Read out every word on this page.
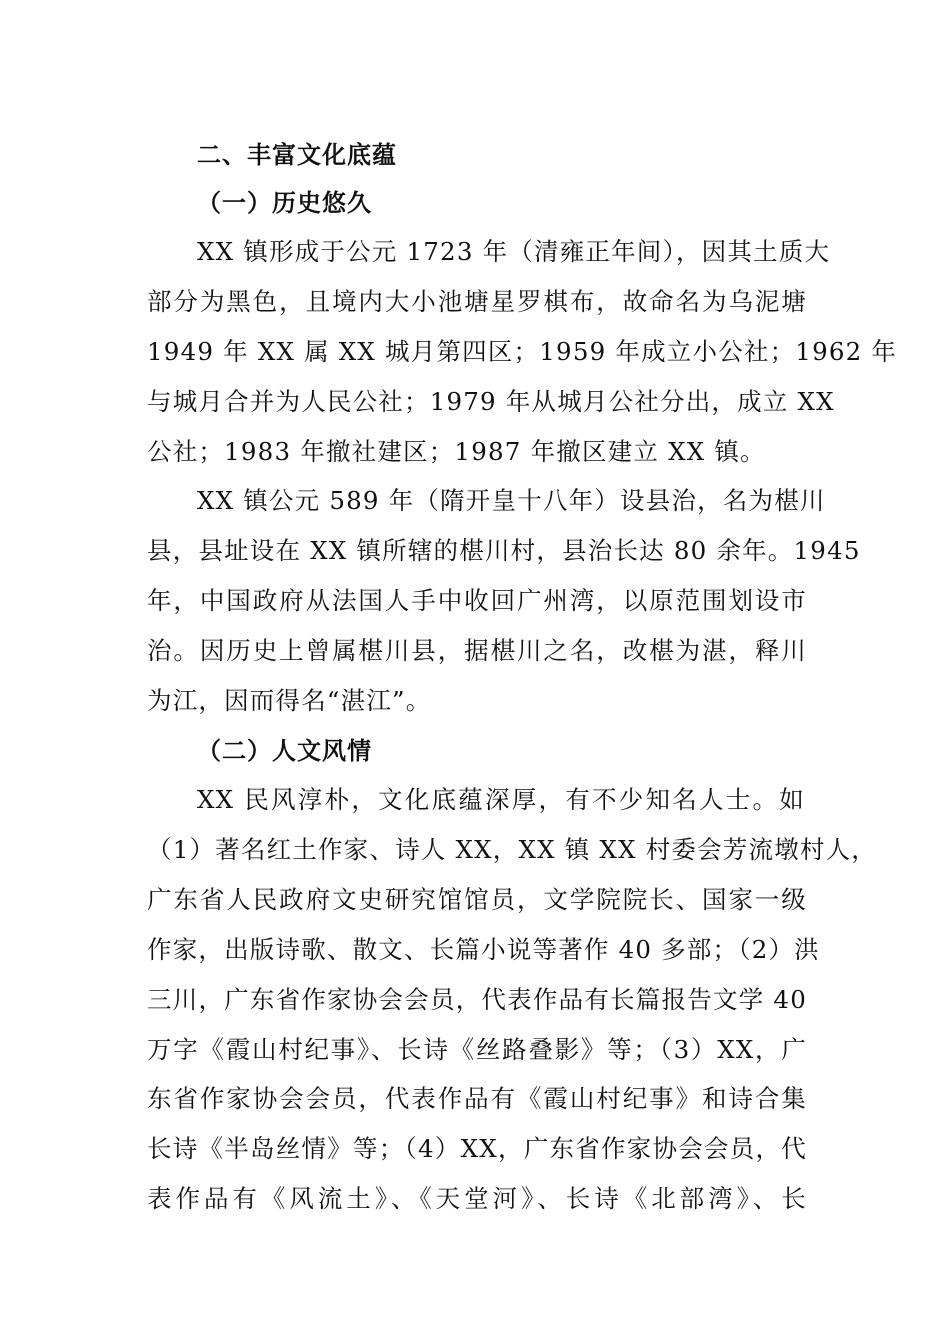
二、丰富文化底蕴
（一）历史悠久
XX 镇形成于公元 1723 年（清雍正年间），因其土质大
部分为黑色，且境内大小池塘星罗棋布，故命名为乌泥塘
1949 年 XX 属 XX 城月第四区；1959 年成立小公社；1962 年
与城月合并为人民公社；1979 年从城月公社分出，成立 XX
公社；1983 年撤社建区；1987 年撤区建立 XX 镇。
XX 镇公元 589 年（隋开皇十八年）设县治，名为椹川
县，县址设在 XX 镇所辖的椹川村，县治长达 80 余年。1945
年，中国政府从法国人手中收回广州湾，以原范围划设市
治。因历史上曾属椹川县，据椹川之名，改椹为湛，释川
为江，因而得名“湛江”。
（二）人文风情
XX 民风淳朴，文化底蕴深厚，有不少知名人士。如
（1）著名红土作家、诗人 XX，XX 镇 XX 村委会芳流墩村人，
广东省人民政府文史研究馆馆员，文学院院长、国家一级
作家，出版诗歌、散文、长篇小说等著作 40 多部；（2）洪
三川，广东省作家协会会员，代表作品有长篇报告文学 40
万字《霞山村纪事》、长诗《丝路叠影》等；（3）XX，广
东省作家协会会员，代表作品有《霞山村纪事》和诗合集
长诗《半岛丝情》等；（4）XX，广东省作家协会会员，代
表作品有《风流土》、《天堂河》、长诗《北部湾》、长
